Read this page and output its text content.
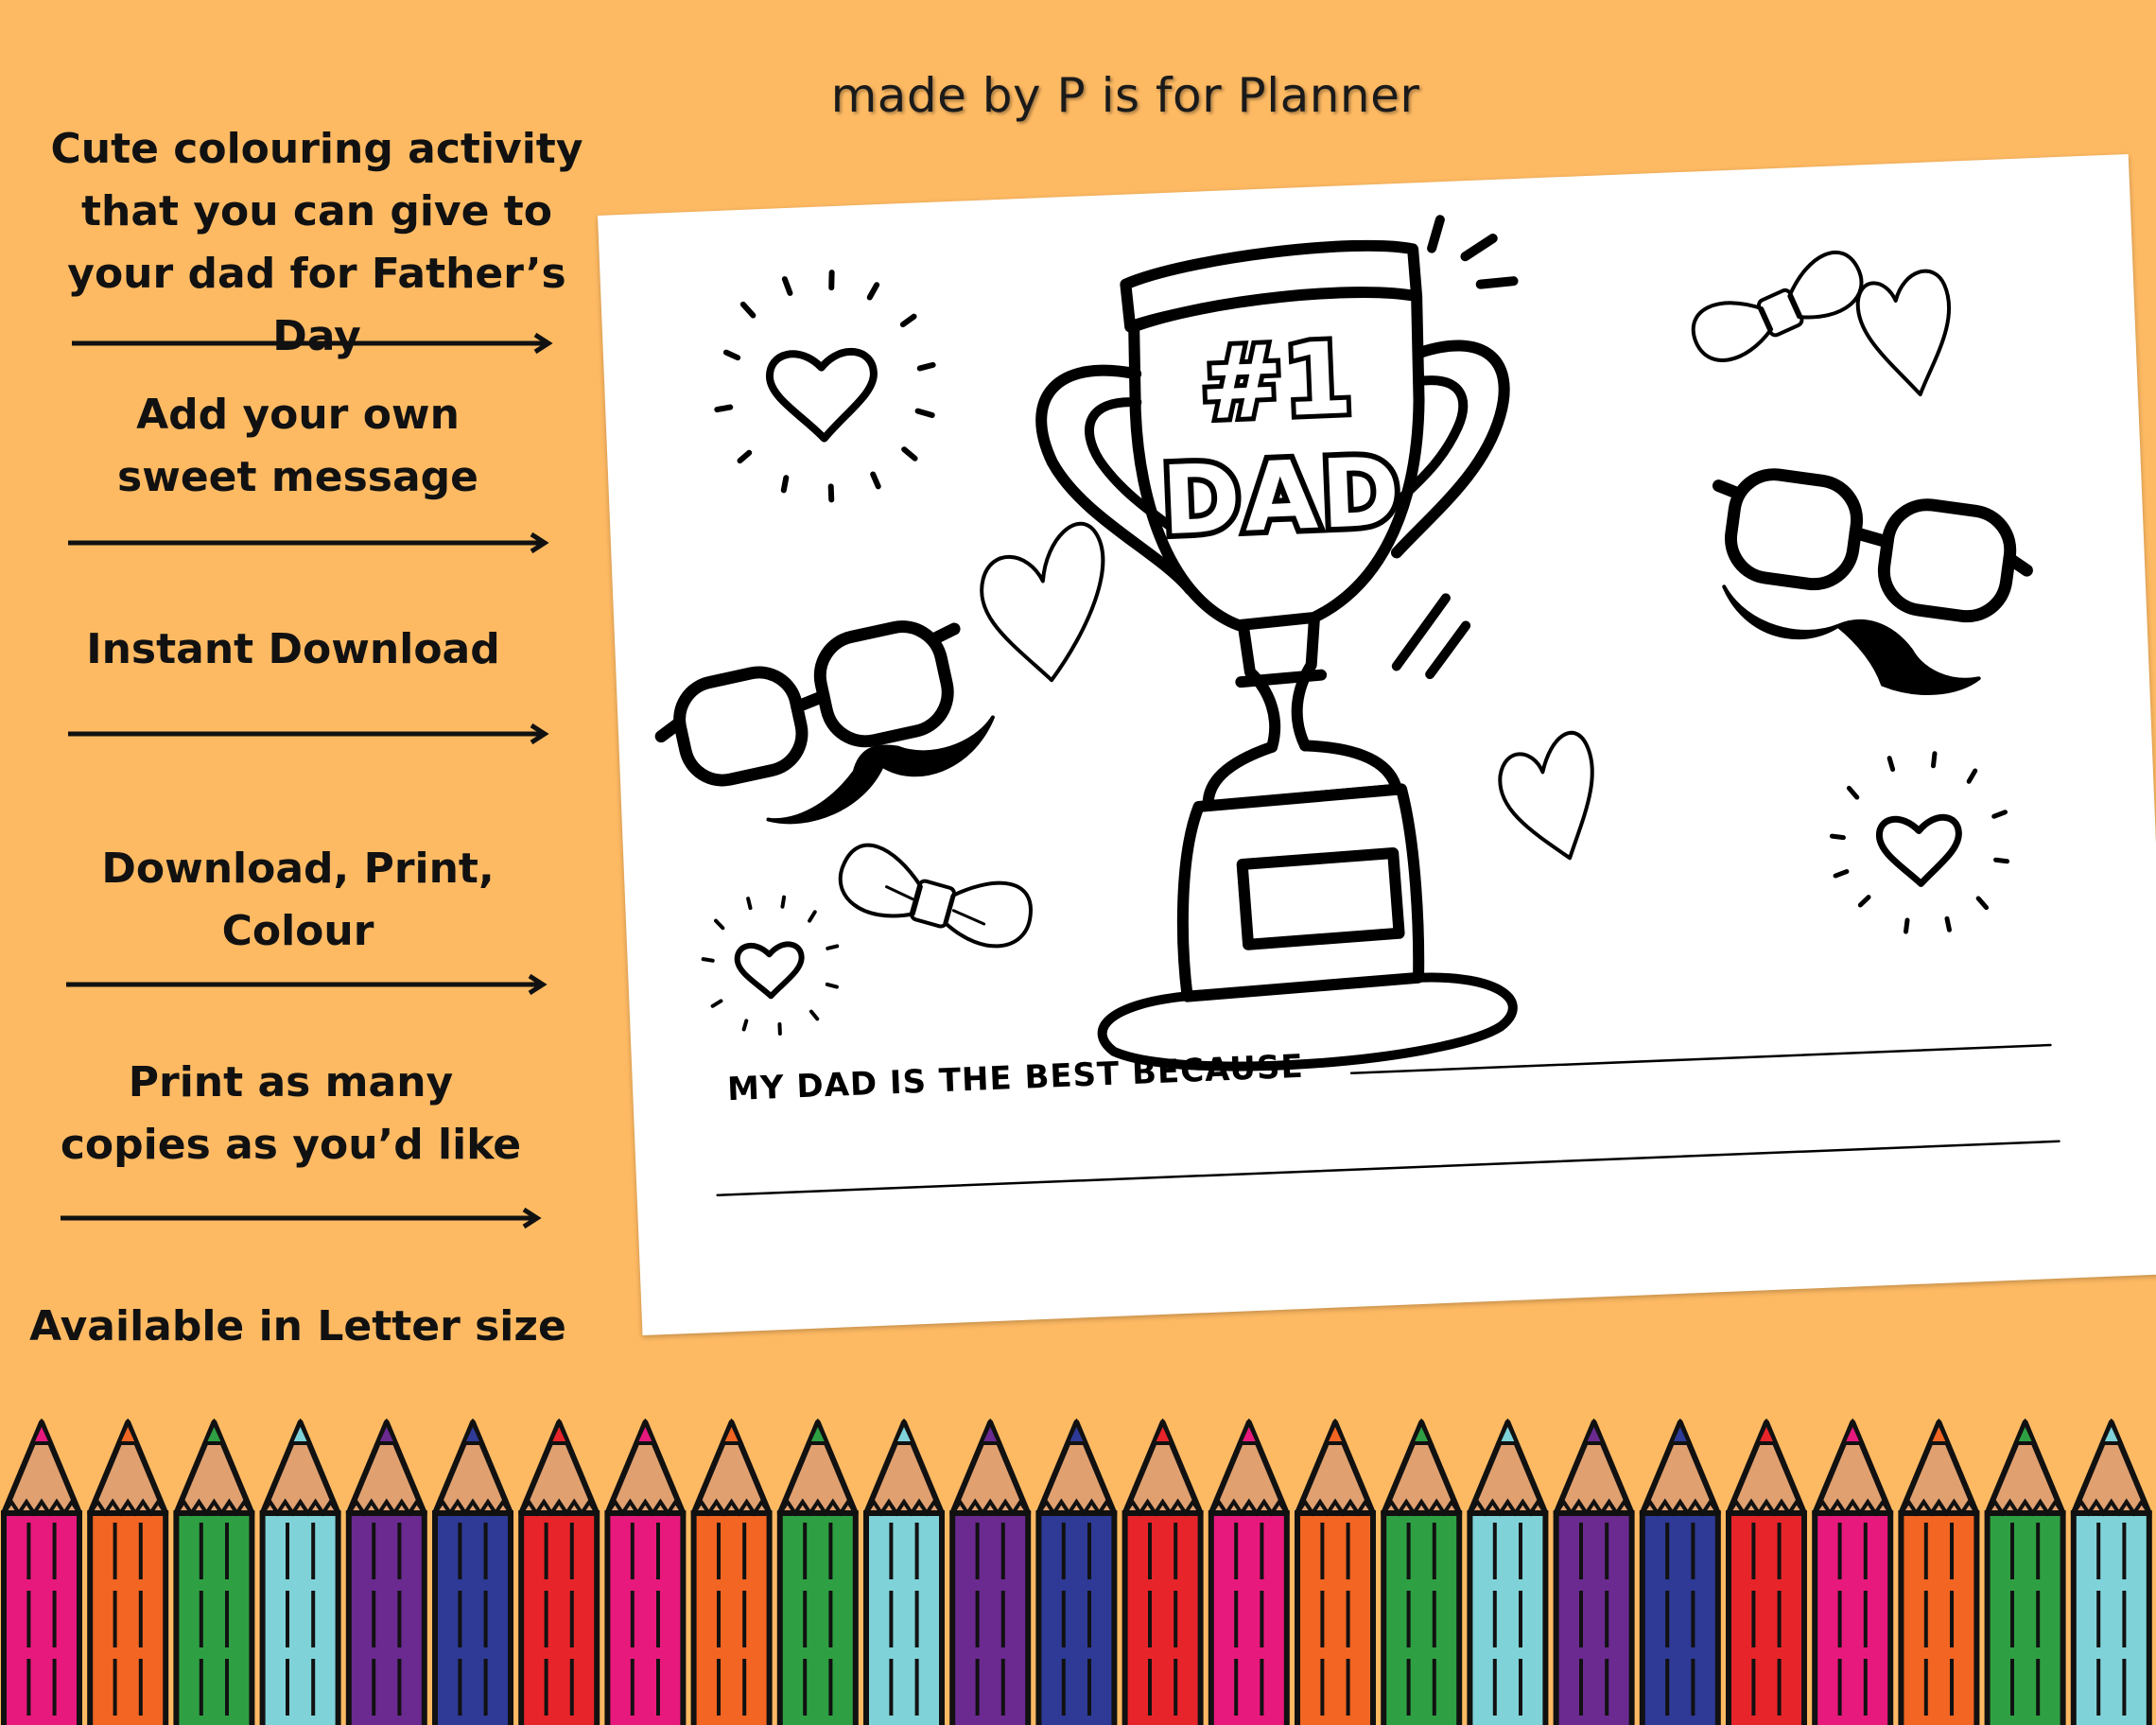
made by P is for Planner
Cute colouring activity that you can give to your dad for Father’s Day
Add your own sweet message
Instant Download
Download, Print, Colour
Print as many copies as you’d like
Available in Letter size
#1
DAD
MY DAD IS THE BEST BECAUSE
